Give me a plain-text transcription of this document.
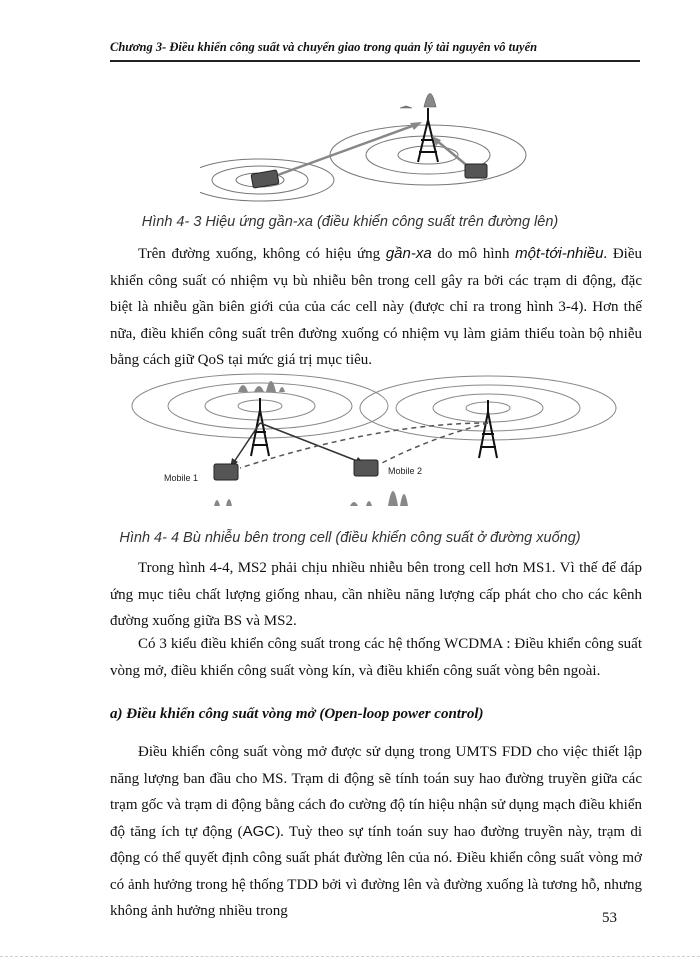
Chương 3- Điều khiển công suất và chuyển giao trong quản lý tài nguyên vô tuyến
Hình 4- 3 Hiệu ứng gần-xa (điều khiển công suất trên đường lên)

Trên đường xuống, không có hiệu ứng gần-xa do mô hình một-tới-nhiều. Điều khiển công suất có nhiệm vụ bù nhiễu bên trong cell gây ra bởi các trạm di động, đặc biệt là nhiễu gần biên giới của của các cell này (được chỉ ra trong hình 3-4). Hơn thế nữa, điều khiển công suất trên đường xuống có nhiệm vụ làm giảm thiểu toàn bộ nhiễu bằng cách giữ QoS tại mức giá trị mục tiêu.

Mobile 1
Mobile 2
Hình 4- 4 Bù nhiễu bên trong cell (điều khiển công suất ở đường xuống)

Trong hình 4-4, MS2 phải chịu nhiều nhiễu bên trong cell hơn MS1. Vì thế để đáp ứng mục tiêu chất lượng giống nhau, cần nhiều năng lượng cấp phát cho cho các kênh đường xuống giữa BS và MS2.

Có 3 kiểu điều khiển công suất trong các hệ thống WCDMA : Điều khiển công suất vòng mở, điều khiển công suất vòng kín, và điều khiển công suất vòng bên ngoài.

a) Điều khiển công suất vòng mở (Open-loop power control)

Điều khiển công suất vòng mở được sử dụng trong UMTS FDD cho việc thiết lập năng lượng ban đầu cho MS. Trạm di động sẽ tính toán suy hao đường truyền giữa các trạm gốc và trạm di động bằng cách đo cường độ tín hiệu nhận sử dụng mạch điều khiển độ tăng ích tự động (AGC). Tuỳ theo sự tính toán suy hao đường truyền này, trạm di động có thể quyết định công suất phát đường lên của nó. Điều khiển công suất vòng mở có ảnh hưởng trong hệ thống TDD bởi vì đường lên và đường xuống là tương hỗ, nhưng không ảnh hưởng nhiều trong	53
